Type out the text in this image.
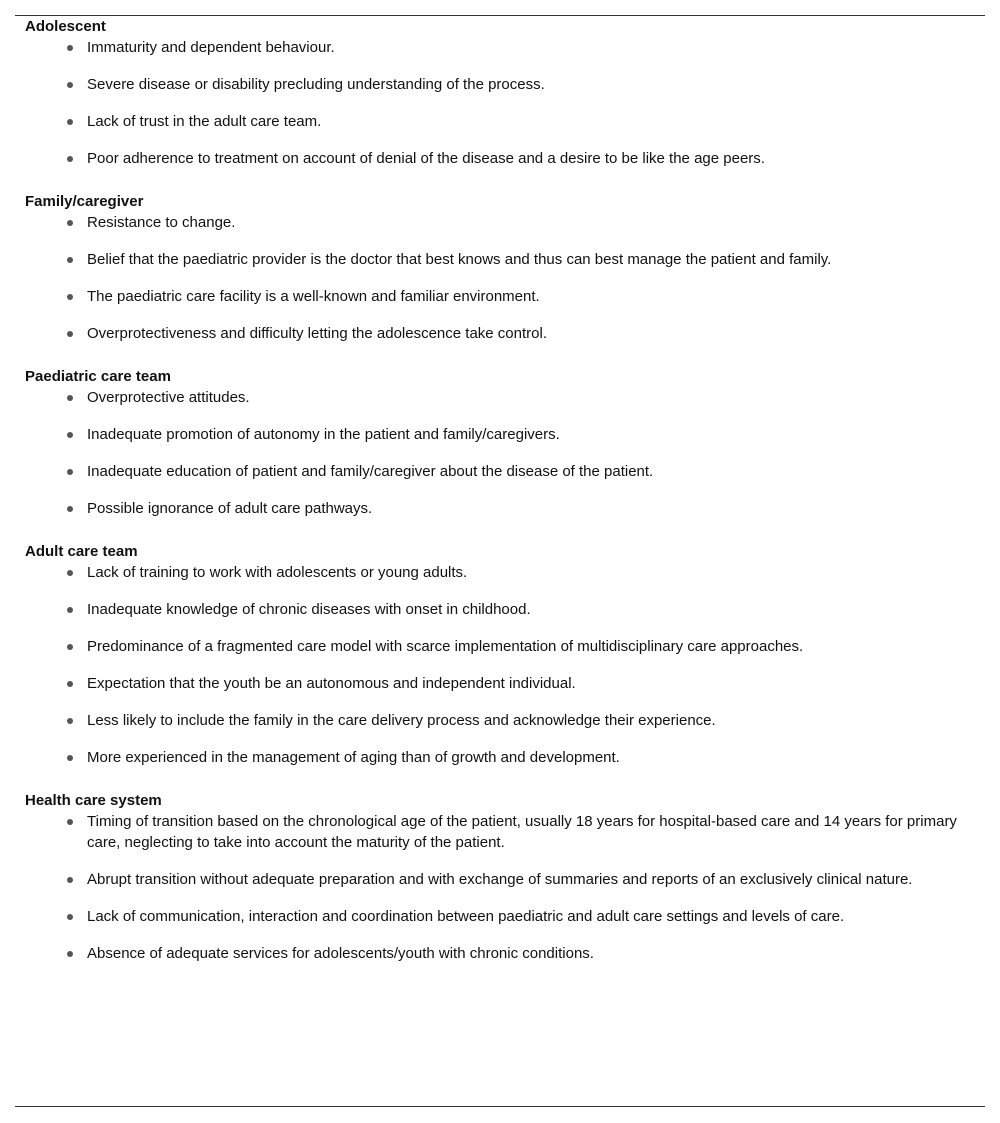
Adolescent
Immaturity and dependent behaviour.
Severe disease or disability precluding understanding of the process.
Lack of trust in the adult care team.
Poor adherence to treatment on account of denial of the disease and a desire to be like the age peers.
Family/caregiver
Resistance to change.
Belief that the paediatric provider is the doctor that best knows and thus can best manage the patient and family.
The paediatric care facility is a well-known and familiar environment.
Overprotectiveness and difficulty letting the adolescence take control.
Paediatric care team
Overprotective attitudes.
Inadequate promotion of autonomy in the patient and family/caregivers.
Inadequate education of patient and family/caregiver about the disease of the patient.
Possible ignorance of adult care pathways.
Adult care team
Lack of training to work with adolescents or young adults.
Inadequate knowledge of chronic diseases with onset in childhood.
Predominance of a fragmented care model with scarce implementation of multidisciplinary care approaches.
Expectation that the youth be an autonomous and independent individual.
Less likely to include the family in the care delivery process and acknowledge their experience.
More experienced in the management of aging than of growth and development.
Health care system
Timing of transition based on the chronological age of the patient, usually 18 years for hospital-based care and 14 years for primary care, neglecting to take into account the maturity of the patient.
Abrupt transition without adequate preparation and with exchange of summaries and reports of an exclusively clinical nature.
Lack of communication, interaction and coordination between paediatric and adult care settings and levels of care.
Absence of adequate services for adolescents/youth with chronic conditions.
